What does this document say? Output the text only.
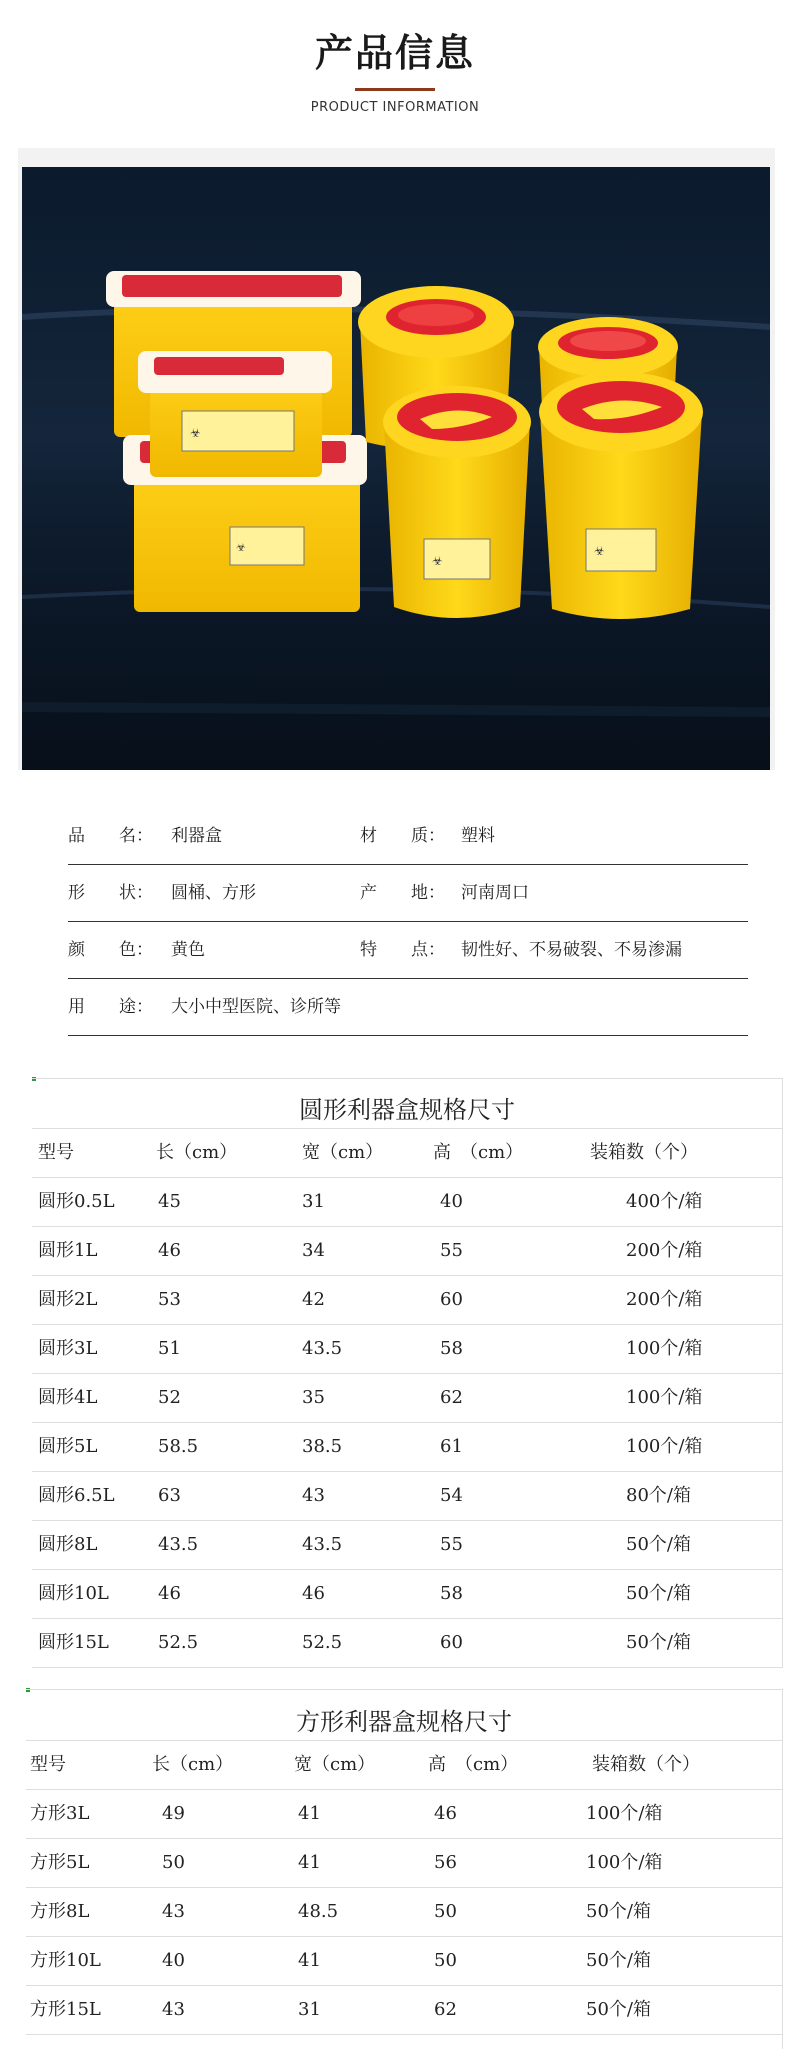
产品信息
PRODUCT INFORMATION
☣
☣
☣
☣
品　　名： 利器盒	材　　质： 塑料
形　　状： 圆桶、方形	产　　地： 河南周口
颜　　色： 黄色	特　　点： 韧性好、不易破裂、不易渗漏
用　　途： 大小中型医院、诊所等
圆形利器盒规格尺寸
型号	长（cm）	宽（cm）	高　（cm）	装箱数（个）
圆形0.5L 45	31	40	400个/箱
圆形1L	46	34	55	200个/箱
圆形2L	53	42	60	200个/箱
圆形3L	51	43.5	58	100个/箱
圆形4L	52	35	62	100个/箱
圆形5L	58.5	38.5	61	100个/箱
圆形6.5L 63	43	54	80个/箱
圆形8L	43.5	43.5	55	50个/箱
圆形10L	46	46	58	50个/箱
圆形15L	52.5	52.5	60	50个/箱
方形利器盒规格尺寸
型号	长（cm）	宽（cm）	高　（cm）	装箱数（个）
方形3L	49	41	46	100个/箱
方形5L	50	41	56	100个/箱
方形8L	43	48.5	50	50个/箱
方形10L	40	41	50	50个/箱
方形15L	43	31	62	50个/箱
